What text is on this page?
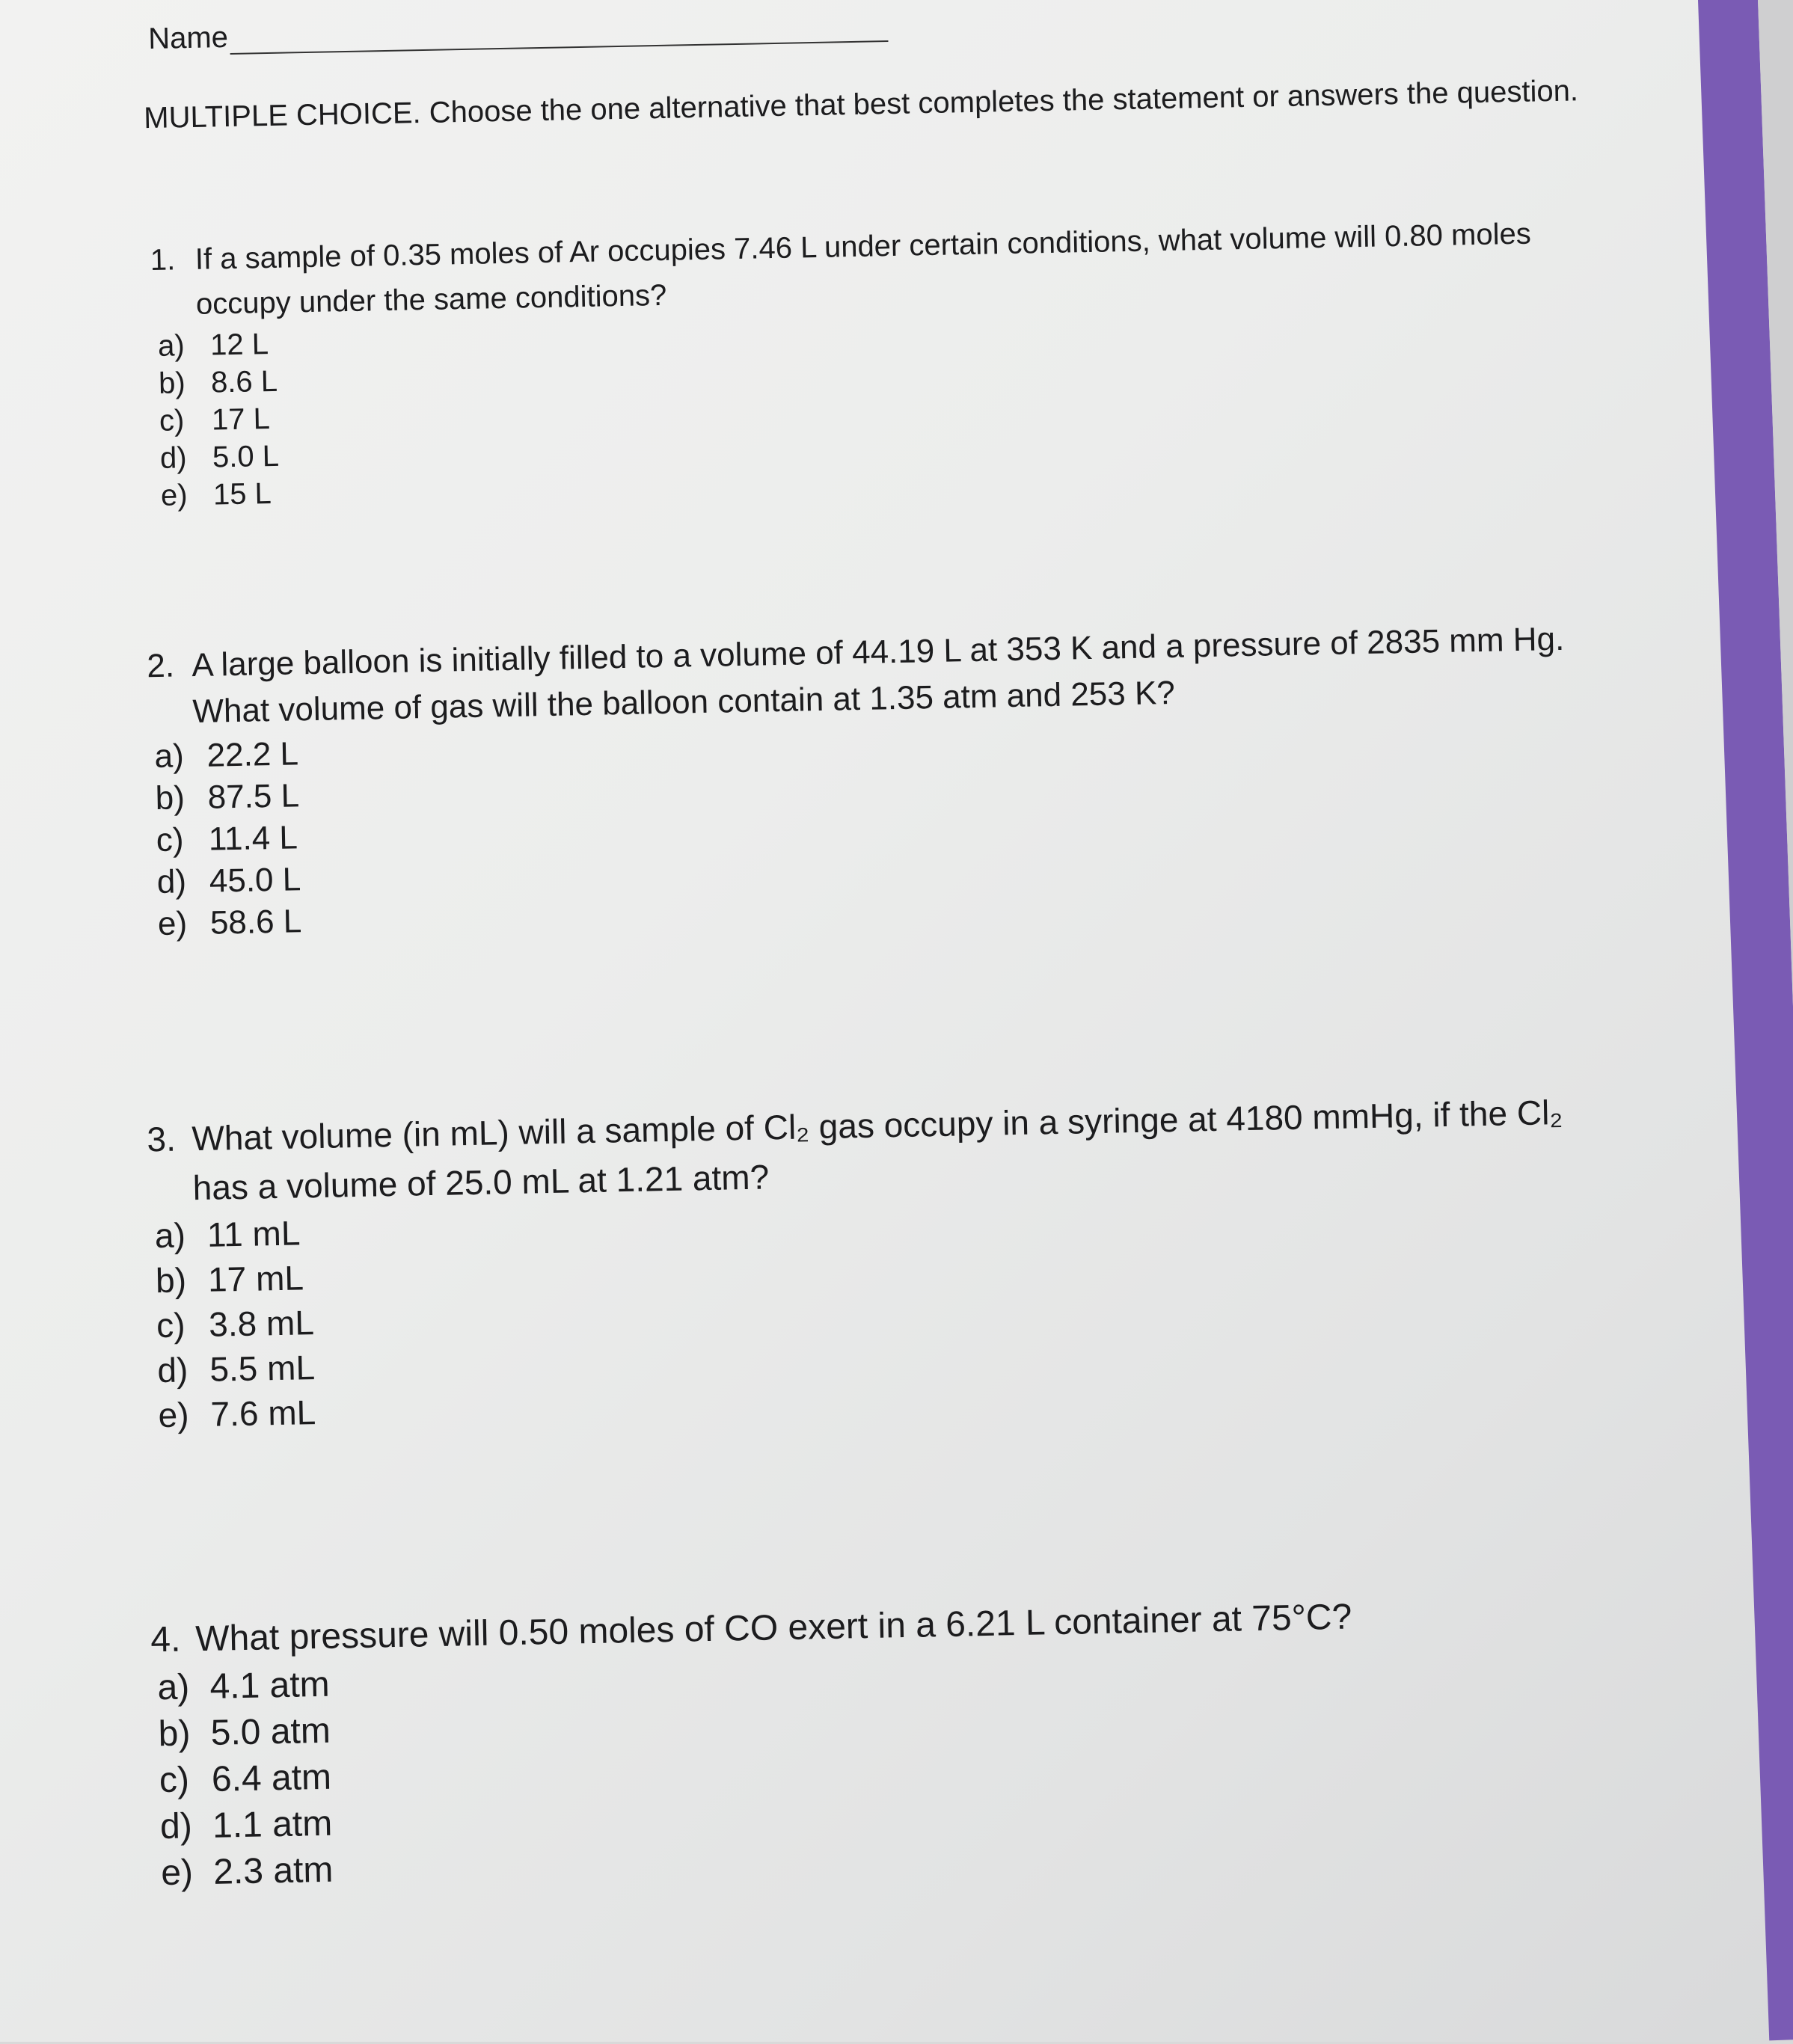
Name
MULTIPLE CHOICE. Choose the one alternative that best completes the statement or answers the question.
1. If a sample of 0.35 moles of Ar occupies 7.46 L under certain conditions, what volume will 0.80 moles occupy under the same conditions?
a) 12 L
b) 8.6 L
c) 17 L
d) 5.0 L
e) 15 L
2. A large balloon is initially filled to a volume of 44.19 L at 353 K and a pressure of 2835 mm Hg. What volume of gas will the balloon contain at 1.35 atm and 253 K?
a) 22.2 L
b) 87.5 L
c) 11.4 L
d) 45.0 L
e) 58.6 L
3. What volume (in mL) will a sample of Cl₂ gas occupy in a syringe at 4180 mmHg, if the Cl₂ has a volume of 25.0 mL at 1.21 atm?
a) 11 mL
b) 17 mL
c) 3.8 mL
d) 5.5 mL
e) 7.6 mL
4. What pressure will 0.50 moles of CO exert in a 6.21 L container at 75°C?
a) 4.1 atm
b) 5.0 atm
c) 6.4 atm
d) 1.1 atm
e) 2.3 atm
